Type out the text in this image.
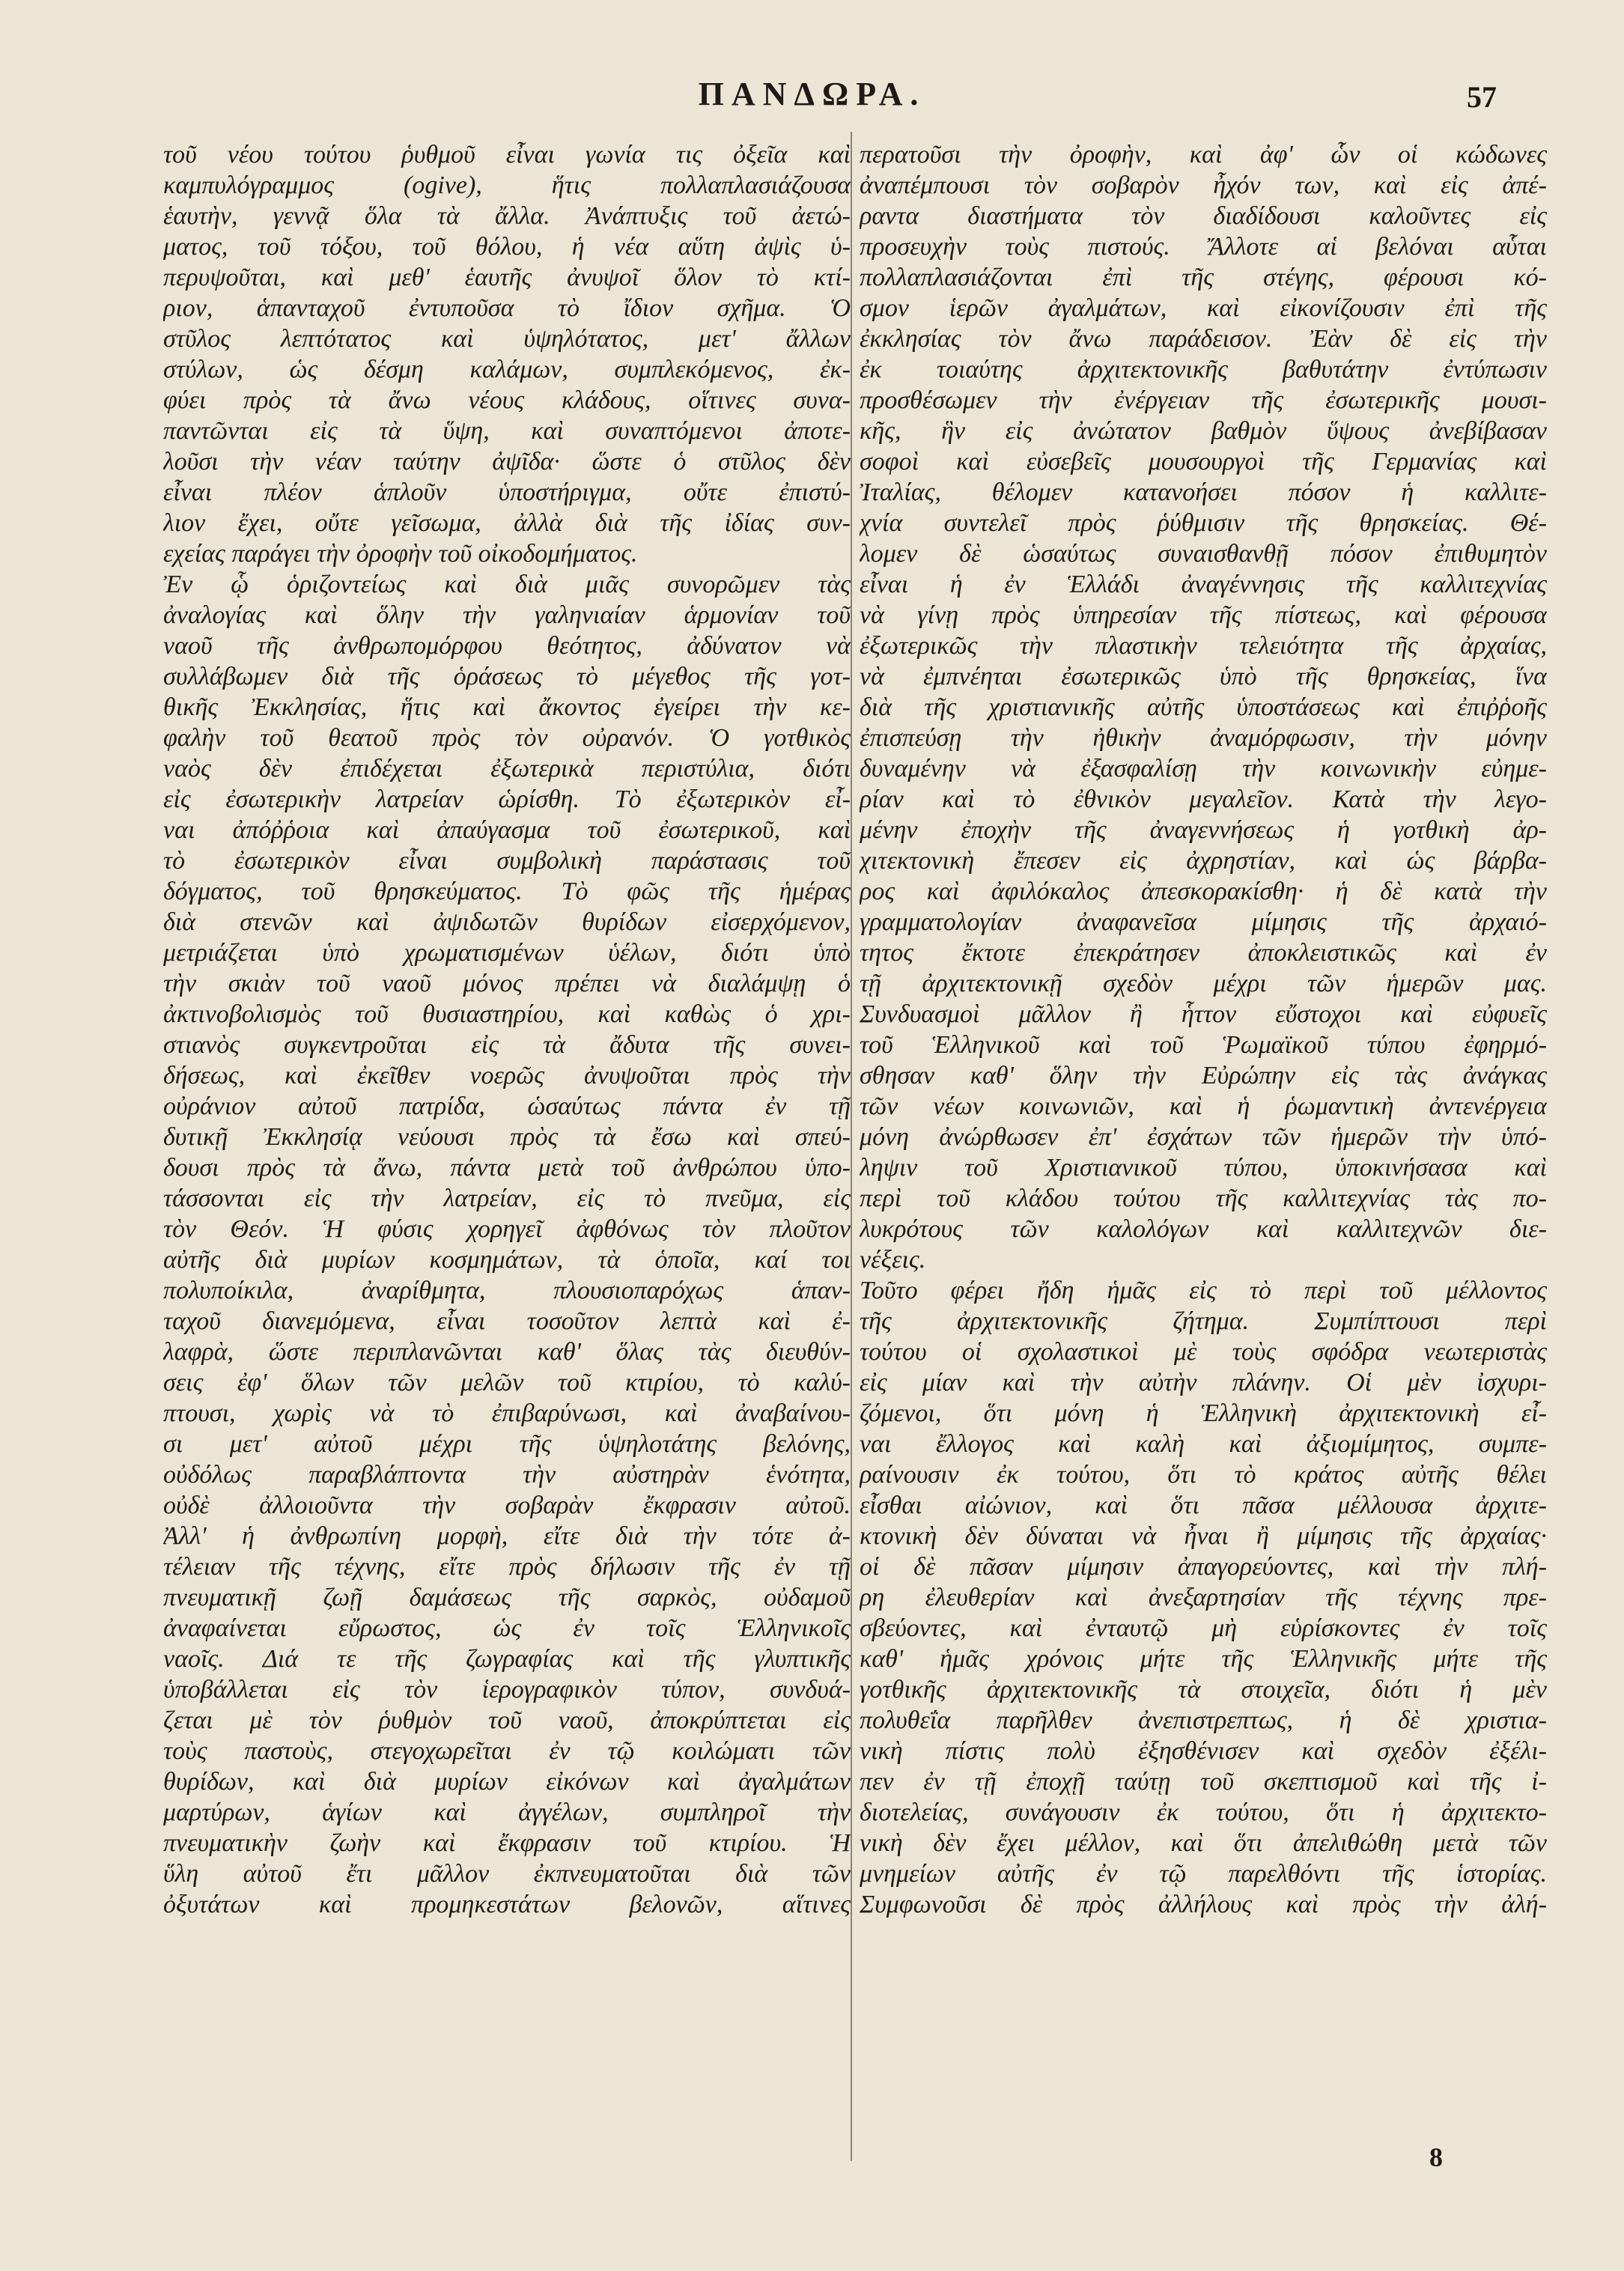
ΠΑΝΔΩΡΑ.	57
τοῦ νέου τούτου ῥυθμοῦ εἶναι γωνία τις ὀξεῖα καὶ
καμπυλόγραμμος (ogive), ἥτις πολλαπλασιάζουσα
ἑαυτὴν, γεννᾷ ὅλα τὰ ἄλλα. Ἀνάπτυξις τοῦ ἀετώ-
ματος, τοῦ τόξου, τοῦ θόλου, ἡ νέα αὕτη ἀψὶς ὑ-
περυψοῦται, καὶ μεθ' ἑαυτῆς ἀνυψοῖ ὅλον τὸ κτί-
ριον, ἁπανταχοῦ ἐντυποῦσα τὸ ἴδιον σχῆμα. Ὁ
στῦλος λεπτότατος καὶ ὑψηλότατος, μετ' ἄλλων
στύλων, ὡς δέσμη καλάμων, συμπλεκόμενος, ἐκ-
φύει πρὸς τὰ ἄνω νέους κλάδους, οἵτινες συνα-
παντῶνται εἰς τὰ ὕψη, καὶ συναπτόμενοι ἀποτε-
λοῦσι τὴν νέαν ταύτην ἀψῖδα· ὥστε ὁ στῦλος δὲν
εἶναι πλέον ἁπλοῦν ὑποστήριγμα, οὔτε ἐπιστύ-
λιον ἔχει, οὔτε γεῖσωμα, ἀλλὰ διὰ τῆς ἰδίας συν-
εχείας παράγει τὴν ὀροφὴν τοῦ οἰκοδομήματος.
Ἐν ᾧ ὁριζοντείως καὶ διὰ μιᾶς συνορῶμεν τὰς
ἀναλογίας καὶ ὅλην τὴν γαληνιαίαν ἁρμονίαν τοῦ
ναοῦ τῆς ἀνθρωπομόρφου θεότητος, ἀδύνατον νὰ
συλλάβωμεν διὰ τῆς ὁράσεως τὸ μέγεθος τῆς γοτ-
θικῆς Ἐκκλησίας, ἥτις καὶ ἄκοντος ἐγείρει τὴν κε-
φαλὴν τοῦ θεατοῦ πρὸς τὸν οὐρανόν. Ὁ γοτθικὸς
ναὸς δὲν ἐπιδέχεται ἐξωτερικὰ περιστύλια, διότι
εἰς ἐσωτερικὴν λατρείαν ὡρίσθη. Τὸ ἐξωτερικὸν εἶ-
ναι ἀπόῤῥοια καὶ ἀπαύγασμα τοῦ ἐσωτερικοῦ, καὶ
τὸ ἐσωτερικὸν εἶναι συμβολικὴ παράστασις τοῦ
δόγματος, τοῦ θρησκεύματος. Τὸ φῶς τῆς ἡμέρας
διὰ στενῶν καὶ ἀψιδωτῶν θυρίδων εἰσερχόμενον,
μετριάζεται ὑπὸ χρωματισμένων ὑέλων, διότι ὑπὸ
τὴν σκιὰν τοῦ ναοῦ μόνος πρέπει νὰ διαλάμψῃ ὁ
ἀκτινοβολισμὸς τοῦ θυσιαστηρίου, καὶ καθὼς ὁ χρι-
στιανὸς συγκεντροῦται εἰς τὰ ἄδυτα τῆς συνει-
δήσεως, καὶ ἐκεῖθεν νοερῶς ἀνυψοῦται πρὸς τὴν
οὐράνιον αὐτοῦ πατρίδα, ὡσαύτως πάντα ἐν τῇ
δυτικῇ Ἐκκλησίᾳ νεύουσι πρὸς τὰ ἔσω καὶ σπεύ-
δουσι πρὸς τὰ ἄνω, πάντα μετὰ τοῦ ἀνθρώπου ὑπο-
τάσσονται εἰς τὴν λατρείαν, εἰς τὸ πνεῦμα, εἰς
τὸν Θεόν. Ἡ φύσις χορηγεῖ ἀφθόνως τὸν πλοῦτον
αὐτῆς διὰ μυρίων κοσμημάτων, τὰ ὁποῖα, καί τοι
πολυποίκιλα, ἀναρίθμητα, πλουσιοπαρόχως ἁπαν-
ταχοῦ διανεμόμενα, εἶναι τοσοῦτον λεπτὰ καὶ ἐ-
λαφρὰ, ὥστε περιπλανῶνται καθ' ὅλας τὰς διευθύν-
σεις ἐφ' ὅλων τῶν μελῶν τοῦ κτιρίου, τὸ καλύ-
πτουσι, χωρὶς νὰ τὸ ἐπιβαρύνωσι, καὶ ἀναβαίνου-
σι μετ' αὐτοῦ μέχρι τῆς ὑψηλοτάτης βελόνης,
οὐδόλως παραβλάπτοντα τὴν αὐστηρὰν ἑνότητα,
οὐδὲ ἀλλοιοῦντα τὴν σοβαρὰν ἔκφρασιν αὐτοῦ.
Ἀλλ' ἡ ἀνθρωπίνη μορφὴ, εἴτε διὰ τὴν τότε ἀ-
τέλειαν τῆς τέχνης, εἴτε πρὸς δήλωσιν τῆς ἐν τῇ
πνευματικῇ ζωῇ δαμάσεως τῆς σαρκὸς, οὐδαμοῦ
ἀναφαίνεται εὔρωστος, ὡς ἐν τοῖς Ἑλληνικοῖς
ναοῖς. Διά τε τῆς ζωγραφίας καὶ τῆς γλυπτικῆς
ὑποβάλλεται εἰς τὸν ἱερογραφικὸν τύπον, συνδυά-
ζεται μὲ τὸν ῥυθμὸν τοῦ ναοῦ, ἀποκρύπτεται εἰς
τοὺς παστοὺς, στεγοχωρεῖται ἐν τῷ κοιλώματι τῶν
θυρίδων, καὶ διὰ μυρίων εἰκόνων καὶ ἀγαλμάτων
μαρτύρων, ἁγίων καὶ ἀγγέλων, συμπληροῖ τὴν
πνευματικὴν ζωὴν καὶ ἔκφρασιν τοῦ κτιρίου. Ἡ
ὕλη αὐτοῦ ἔτι μᾶλλον ἐκπνευματοῦται διὰ τῶν
ὀξυτάτων καὶ προμηκεστάτων βελονῶν, αἵτινες
περατοῦσι τὴν ὀροφὴν, καὶ ἀφ' ὧν οἱ κώδωνες
ἀναπέμπουσι τὸν σοβαρὸν ἦχόν των, καὶ εἰς ἀπέ-
ραντα διαστήματα τὸν διαδίδουσι καλοῦντες εἰς
προσευχὴν τοὺς πιστούς. Ἄλλοτε αἱ βελόναι αὗται
πολλαπλασιάζονται ἐπὶ τῆς στέγης, φέρουσι κό-
σμον ἱερῶν ἀγαλμάτων, καὶ εἰκονίζουσιν ἐπὶ τῆς
ἐκκλησίας τὸν ἄνω παράδεισον. Ἐὰν δὲ εἰς τὴν
ἐκ τοιαύτης ἀρχιτεκτονικῆς βαθυτάτην ἐντύπωσιν
προσθέσωμεν τὴν ἐνέργειαν τῆς ἐσωτερικῆς μουσι-
κῆς, ἣν εἰς ἀνώτατον βαθμὸν ὕψους ἀνεβίβασαν
σοφοὶ καὶ εὐσεβεῖς μουσουργοὶ τῆς Γερμανίας καὶ
Ἰταλίας, θέλομεν κατανοήσει πόσον ἡ καλλιτε-
χνία συντελεῖ πρὸς ῥύθμισιν τῆς θρησκείας. Θέ-
λομεν δὲ ὡσαύτως συναισθανθῇ πόσον ἐπιθυμητὸν
εἶναι ἡ ἐν Ἑλλάδι ἀναγέννησις τῆς καλλιτεχνίας
νὰ γίνῃ πρὸς ὑπηρεσίαν τῆς πίστεως, καὶ φέρουσα
ἐξωτερικῶς τὴν πλαστικὴν τελειότητα τῆς ἀρχαίας,
νὰ ἐμπνέηται ἐσωτερικῶς ὑπὸ τῆς θρησκείας, ἵνα
διὰ τῆς χριστιανικῆς αὐτῆς ὑποστάσεως καὶ ἐπιῤῥοῆς
ἐπισπεύσῃ τὴν ἠθικὴν ἀναμόρφωσιν, τὴν μόνην
δυναμένην νὰ ἐξασφαλίσῃ τὴν κοινωνικὴν εὐημε-
ρίαν καὶ τὸ ἐθνικὸν μεγαλεῖον. Κατὰ τὴν λεγο-
μένην ἐποχὴν τῆς ἀναγεννήσεως ἡ γοτθικὴ ἀρ-
χιτεκτονικὴ ἔπεσεν εἰς ἀχρηστίαν, καὶ ὡς βάρβα-
ρος καὶ ἀφιλόκαλος ἀπεσκορακίσθη· ἡ δὲ κατὰ τὴν
γραμματολογίαν ἀναφανεῖσα μίμησις τῆς ἀρχαιό-
τητος ἔκτοτε ἐπεκράτησεν ἀποκλειστικῶς καὶ ἐν
τῇ ἀρχιτεκτονικῇ σχεδὸν μέχρι τῶν ἡμερῶν μας.
Συνδυασμοὶ μᾶλλον ἢ ἧττον εὔστοχοι καὶ εὐφυεῖς
τοῦ Ἑλληνικοῦ καὶ τοῦ Ῥωμαϊκοῦ τύπου ἐφηρμό-
σθησαν καθ' ὅλην τὴν Εὐρώπην εἰς τὰς ἀνάγκας
τῶν νέων κοινωνιῶν, καὶ ἡ ῥωμαντικὴ ἀντενέργεια
μόνη ἀνώρθωσεν ἐπ' ἐσχάτων τῶν ἡμερῶν τὴν ὑπό-
ληψιν τοῦ Χριστιανικοῦ τύπου, ὑποκινήσασα καὶ
περὶ τοῦ κλάδου τούτου τῆς καλλιτεχνίας τὰς πο-
λυκρότους τῶν καλολόγων καὶ καλλιτεχνῶν διε-
νέξεις.
Τοῦτο φέρει ἤδη ἡμᾶς εἰς τὸ περὶ τοῦ μέλλοντος
τῆς ἀρχιτεκτονικῆς ζήτημα. Συμπίπτουσι περὶ
τούτου οἱ σχολαστικοὶ μὲ τοὺς σφόδρα νεωτεριστὰς
εἰς μίαν καὶ τὴν αὐτὴν πλάνην. Οἱ μὲν ἰσχυρι-
ζόμενοι, ὅτι μόνη ἡ Ἑλληνικὴ ἀρχιτεκτονικὴ εἶ-
ναι ἔλλογος καὶ καλὴ καὶ ἀξιομίμητος, συμπε-
ραίνουσιν ἐκ τούτου, ὅτι τὸ κράτος αὐτῆς θέλει
εἶσθαι αἰώνιον, καὶ ὅτι πᾶσα μέλλουσα ἀρχιτε-
κτονικὴ δὲν δύναται νὰ ἦναι ἢ μίμησις τῆς ἀρχαίας·
οἱ δὲ πᾶσαν μίμησιν ἀπαγορεύοντες, καὶ τὴν πλή-
ρη ἐλευθερίαν καὶ ἀνεξαρτησίαν τῆς τέχνης πρε-
σβεύοντες, καὶ ἐνταυτῷ μὴ εὑρίσκοντες ἐν τοῖς
καθ' ἡμᾶς χρόνοις μήτε τῆς Ἑλληνικῆς μήτε τῆς
γοτθικῆς ἀρχιτεκτονικῆς τὰ στοιχεῖα, διότι ἡ μὲν
πολυθεΐα παρῆλθεν ἀνεπιστρεπτως, ἡ δὲ χριστια-
νικὴ πίστις πολὺ ἐξησθένισεν καὶ σχεδὸν ἐξέλι-
πεν ἐν τῇ ἐποχῇ ταύτῃ τοῦ σκεπτισμοῦ καὶ τῆς ἰ-
διοτελείας, συνάγουσιν ἐκ τούτου, ὅτι ἡ ἀρχιτεκτο-
νικὴ δὲν ἔχει μέλλον, καὶ ὅτι ἀπελιθώθη μετὰ τῶν
μνημείων αὐτῆς ἐν τῷ παρελθόντι τῆς ἱστορίας.
Συμφωνοῦσι δὲ πρὸς ἀλλήλους καὶ πρὸς τὴν ἀλή-
8
